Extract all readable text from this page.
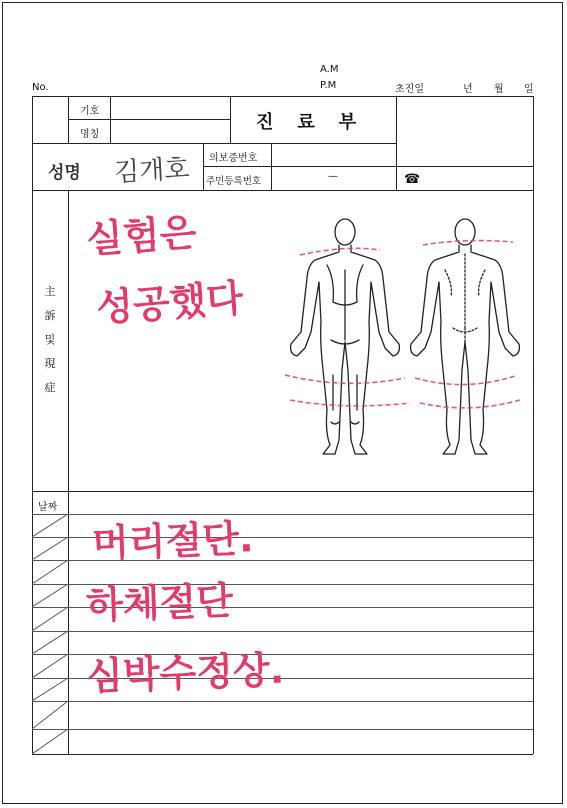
No.
A.M
P.M	초진일	년 월 일
기호
명칭
진료부
성명 김개호 의보증번호
주민등록번호	—	☎
主
訴
및
現
症
실험은
성공했다
날짜
머리절단.
하체절단
심박수정상.
